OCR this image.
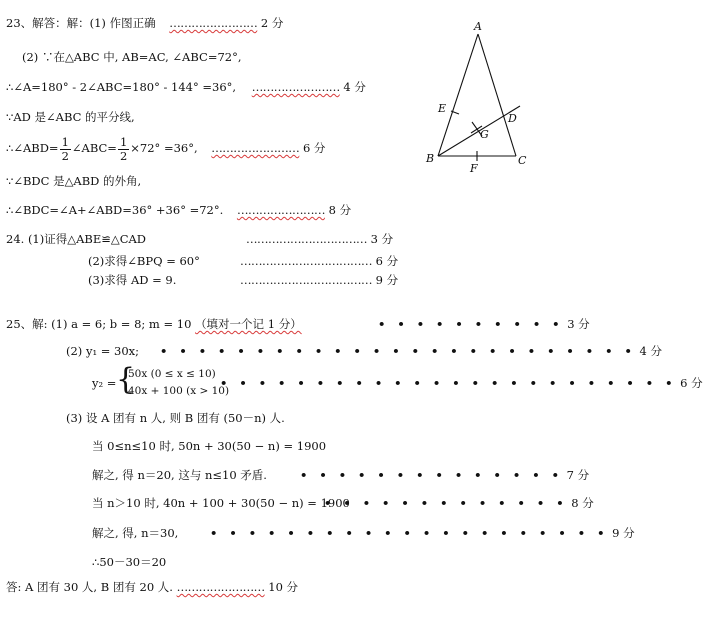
23、解答：解：(1) 作图正确 …………………… 2 分
(2) ∵在△ABC 中, AB=AC, ∠ABC=72°,
∴∠A=180° - 2∠ABC=180° - 144° =36°, …………………… 4 分
∵AD 是∠ABC 的平分线,
∴∠ABD= $\frac{1}{2}$ ∠ABC= $\frac{1}{2} \times 72^\circ =36^\circ$, …………………… 6 分
∵∠BDC 是△ABD 的外角,
∴∠BDC=∠A+∠ABD=36° +36° =72°. …………………… 8 分
A
B	C
D
E
F
G
24. (1)证得△ABE≌△CAD	…………………………… 3 分
(2)求得∠BPQ = 60°	……………………………… 6 分
(3)求得 AD = 9.	……………………………… 9 分
25、解: (1) a = 6; b = 8; m = 10 （填对一个记 1 分）	• • • • • • • • • • 3 分
(2) y₁ = 30x; • • • • • • • • • • • • • • • • • • • • • • • • • 4 分
y₂ = {
50x (0 ≤ x ≤ 10)
40x + 100 (x > 10)
• • • • • • • • • • • • • • • • • • • • • • • • 6 分
(3) 设 A 团有 n 人, 则 B 团有 (50－n) 人.
当 0≤n≤10 时, 50n + 30(50 − n) = 1900
解之, 得 n＝20, 这与 n≤10 矛盾.	• • • • • • • • • • • • • • 7 分
当 n＞10 时, 40n + 100 + 30(50 − n) = 1900
• • • • • • • • • • • • • 8 分
解之, 得, n＝30,	• • • • • • • • • • • • • • • • • • • • • 9 分
∴50－30＝20
答: A 团有 30 人, B 团有 20 人. …………………… 10 分
